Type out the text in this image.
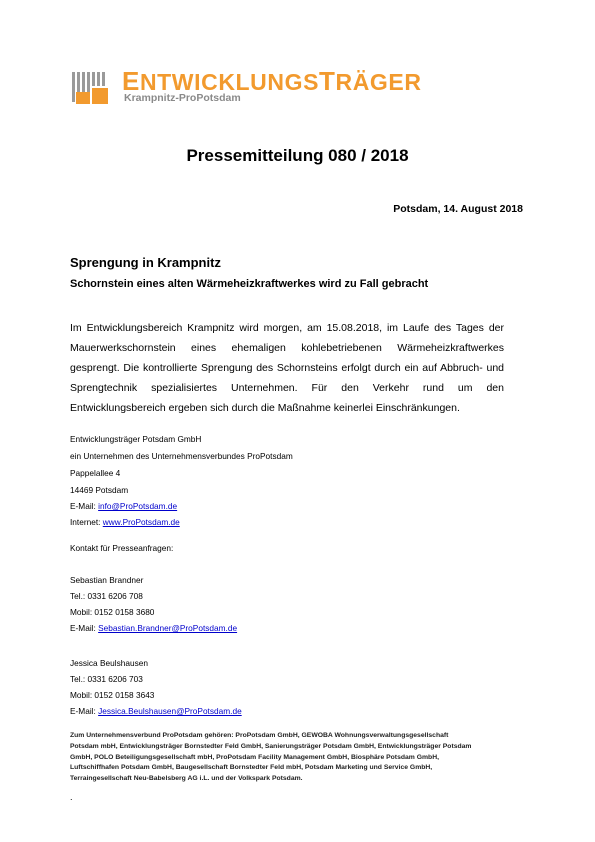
ENTWICKLUNGSTRÄGER
Krampnitz-ProPotsdam
Pressemitteilung 080 / 2018
Potsdam, 14. August 2018
Sprengung in Krampnitz
Schornstein eines alten Wärmeheizkraftwerkes wird zu Fall gebracht
Im Entwicklungsbereich Krampnitz wird morgen, am 15.08.2018, im Laufe des Tages der Mauerwerkschornstein eines ehemaligen kohlebetriebenen Wärmeheizkraftwerkes gesprengt. Die kontrollierte Sprengung des Schornsteins erfolgt durch ein auf Abbruch- und Sprengtechnik spezialisiertes Unternehmen. Für den Verkehr rund um den Entwicklungsbereich ergeben sich durch die Maßnahme keinerlei Einschränkungen.
Entwicklungsträger Potsdam GmbH
ein Unternehmen des Unternehmensverbundes ProPotsdam
Pappelallee 4
14469 Potsdam
E-Mail: info@ProPotsdam.de
Internet: www.ProPotsdam.de
Kontakt für Presseanfragen:
Sebastian Brandner
Tel.: 0331 6206 708
Mobil: 0152 0158 3680
E-Mail: Sebastian.Brandner@ProPotsdam.de
Jessica Beulshausen
Tel.: 0331 6206 703
Mobil: 0152 0158 3643
E-Mail: Jessica.Beulshausen@ProPotsdam.de
Zum Unternehmensverbund ProPotsdam gehören: ProPotsdam GmbH, GEWOBA Wohnungsverwaltungsgesellschaft
Potsdam mbH, Entwicklungsträger Bornstedter Feld GmbH, Sanierungsträger Potsdam GmbH, Entwicklungsträger Potsdam
GmbH, POLO Beteiligungsgesellschaft mbH, ProPotsdam Facility Management GmbH, Biosphäre Potsdam GmbH,
Luftschiffhafen Potsdam GmbH, Baugesellschaft Bornstedter Feld mbH, Potsdam Marketing und Service GmbH,
Terraingesellschaft Neu-Babelsberg AG i.L. und der Volkspark Potsdam.
.
